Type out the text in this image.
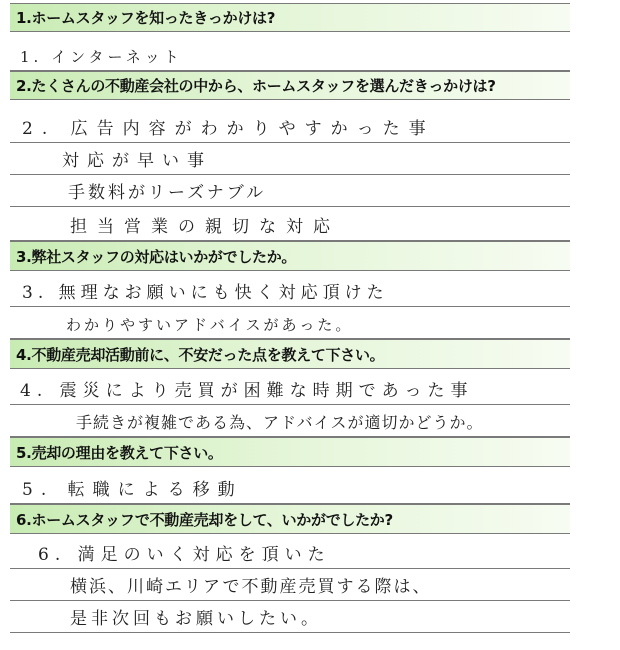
1.ホームスタッフを知ったきっかけは?
1. インターネット
2.たくさんの不動産会社の中から、ホームスタッフを選んだきっかけは?
2. 広告内容がわかりやすかった事
対応が早い事
手数料がリーズナブル
担当営業の親切な対応
3.弊社スタッフの対応はいかがでしたか。
3. 無理なお願いにも快く対応頂けた
わかりやすいアドバイスがあった。
4.不動産売却活動前に、不安だった点を教えて下さい。
4. 震災により売買が困難な時期であった事
手続きが複雑である為、アドバイスが適切かどうか。
5.売却の理由を教えて下さい。
5. 転職による移動
6.ホームスタッフで不動産売却をして、いかがでしたか?
6. 満足のいく対応を頂いた
横浜、川崎エリアで不動産売買する際は、
是非次回もお願いしたい。
